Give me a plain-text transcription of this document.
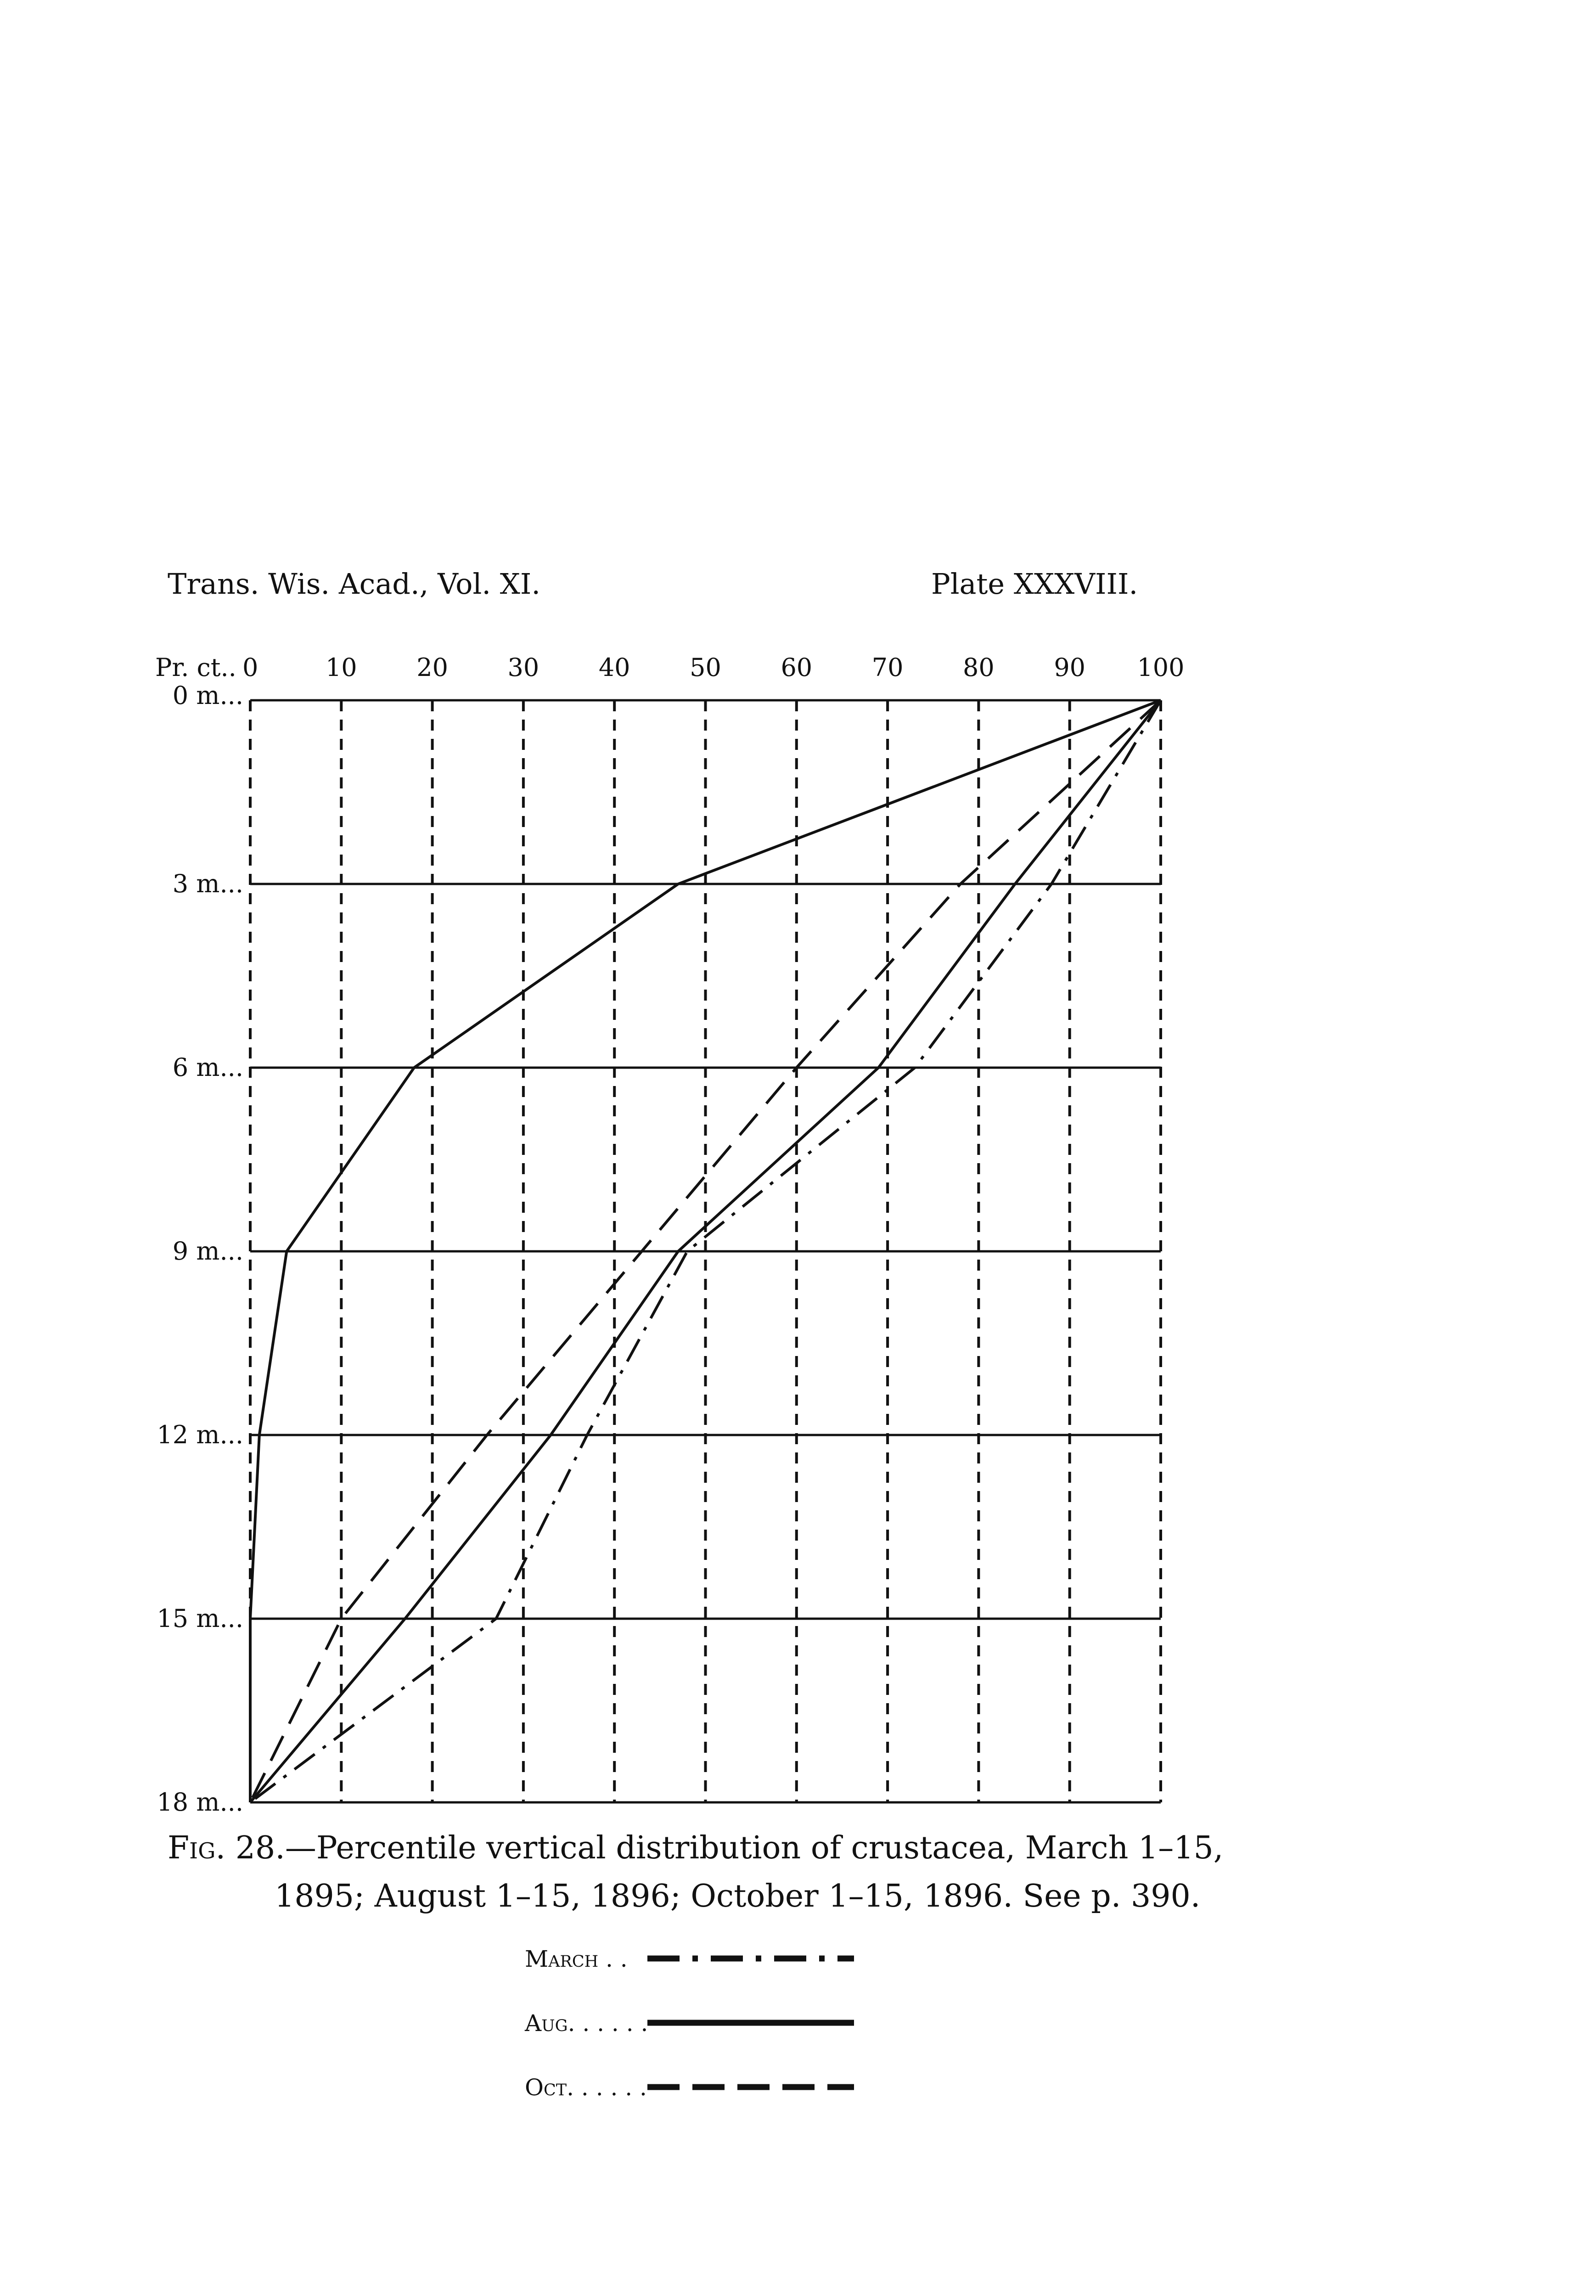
Trans. Wis. Acad., Vol. XI.	Plate XXXVIII.
Pr. ct.. 0	10 20 30 40 50 60 70 80 90 100
0 m...
3 m...
6 m...
9 m...
12 m...
15 m...
18 m...
March . .
Aug. . . . . .
Oct. . . . . .
Fig. 28.—Percentile vertical distribution of crustacea, March 1–15,
1895; August 1–15, 1896; October 1–15, 1896. See p. 390.
